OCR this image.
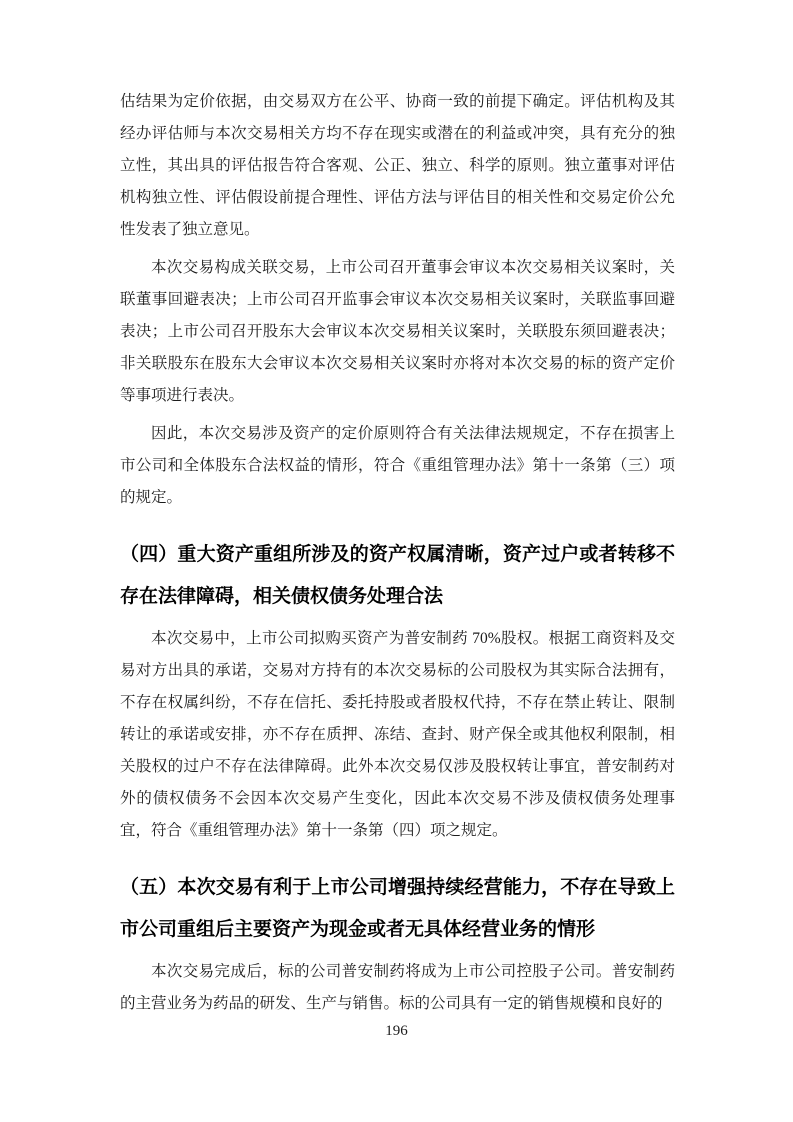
估结果为定价依据，由交易双方在公平、协商一致的前提下确定。评估机构及其经办评估师与本次交易相关方均不存在现实或潜在的利益或冲突，具有充分的独立性，其出具的评估报告符合客观、公正、独立、科学的原则。独立董事对评估机构独立性、评估假设前提合理性、评估方法与评估目的相关性和交易定价公允性发表了独立意见。

本次交易构成关联交易，上市公司召开董事会审议本次交易相关议案时，关联董事回避表决；上市公司召开监事会审议本次交易相关议案时，关联监事回避表决；上市公司召开股东大会审议本次交易相关议案时，关联股东须回避表决；非关联股东在股东大会审议本次交易相关议案时亦将对本次交易的标的资产定价等事项进行表决。

因此，本次交易涉及资产的定价原则符合有关法律法规规定，不存在损害上市公司和全体股东合法权益的情形，符合《重组管理办法》第十一条第（三）项的规定。

（四）重大资产重组所涉及的资产权属清晰，资产过户或者转移不存在法律障碍，相关债权债务处理合法

本次交易中，上市公司拟购买资产为普安制药 70%股权。根据工商资料及交易对方出具的承诺，交易对方持有的本次交易标的公司股权为其实际合法拥有，不存在权属纠纷，不存在信托、委托持股或者股权代持，不存在禁止转让、限制转让的承诺或安排，亦不存在质押、冻结、查封、财产保全或其他权利限制，相关股权的过户不存在法律障碍。此外本次交易仅涉及股权转让事宜，普安制药对外的债权债务不会因本次交易产生变化，因此本次交易不涉及债权债务处理事宜，符合《重组管理办法》第十一条第（四）项之规定。

（五）本次交易有利于上市公司增强持续经营能力，不存在导致上市公司重组后主要资产为现金或者无具体经营业务的情形

本次交易完成后，标的公司普安制药将成为上市公司控股子公司。普安制药的主营业务为药品的研发、生产与销售。标的公司具有一定的销售规模和良好的

196
